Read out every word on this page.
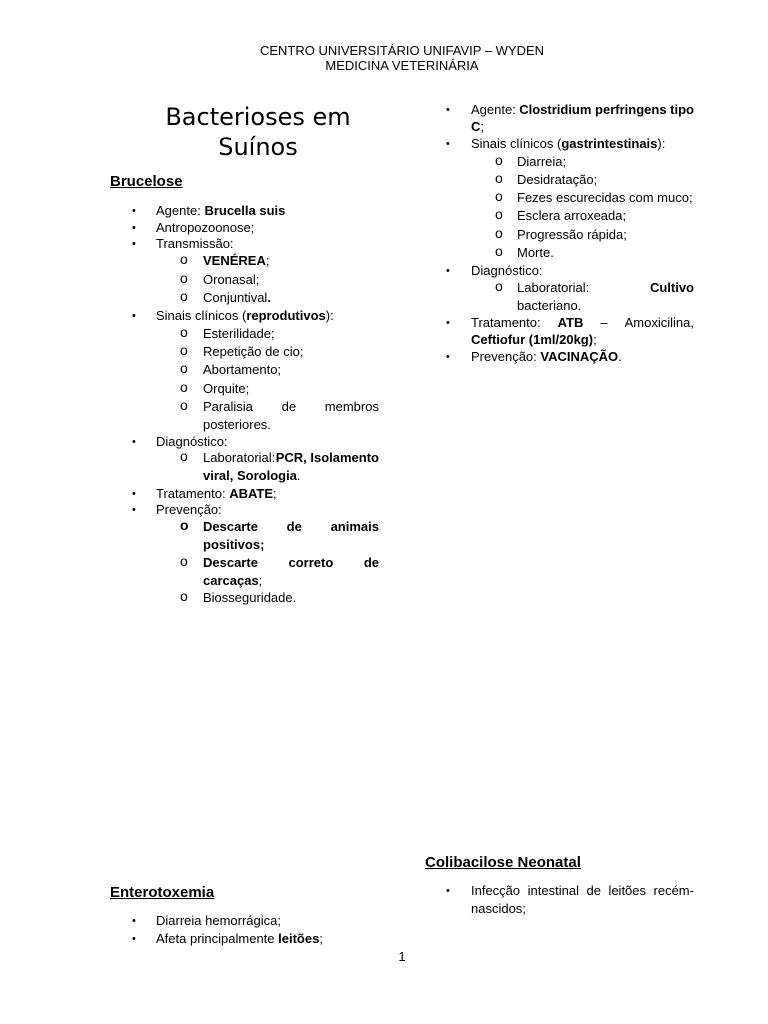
CENTRO UNIVERSITÁRIO UNIFAVIP – WYDEN
MEDICINA VETERINÁRIA
Bacterioses em
Suínos
Brucelose
• Agente: Brucella suis
• Antropozoonose;
• Transmissão:
o VENÉREA;
o Oronasal;
o Conjuntival.
• Sinais clínicos (reprodutivos):
o Esterilidade;
o Repetição de cio;
o Abortamento;
o Orquite;
o Paralisia de membros
posteriores.
• Diagnóstico:
o Laboratorial: PCR, Isolamento
viral, Sorologia.
• Tratamento: ABATE;
• Prevenção:
o Descarte de animais
positivos;
o Descarte correto de
carcaças;
o Biosseguridade.
• Agente: Clostridium perfringens tipo
C;
• Sinais clínicos (gastrintestinais):
o Diarreia;
o Desidratação;
o Fezes escurecidas com muco;
o Esclera arroxeada;
o Progressão rápida;
o Morte.
• Diagnóstico:
o Laboratorial:	Cultivo
bacteriano.
• Tratamento: ATB – Amoxicilina,
Ceftiofur (1ml/20kg);
• Prevenção: VACINAÇÃO.
Colibacilose Neonatal
• Infecção intestinal de leitões recém-
nascidos;
Enterotoxemia
• Diarreia hemorrágica;
• Afeta principalmente leitões;
1
